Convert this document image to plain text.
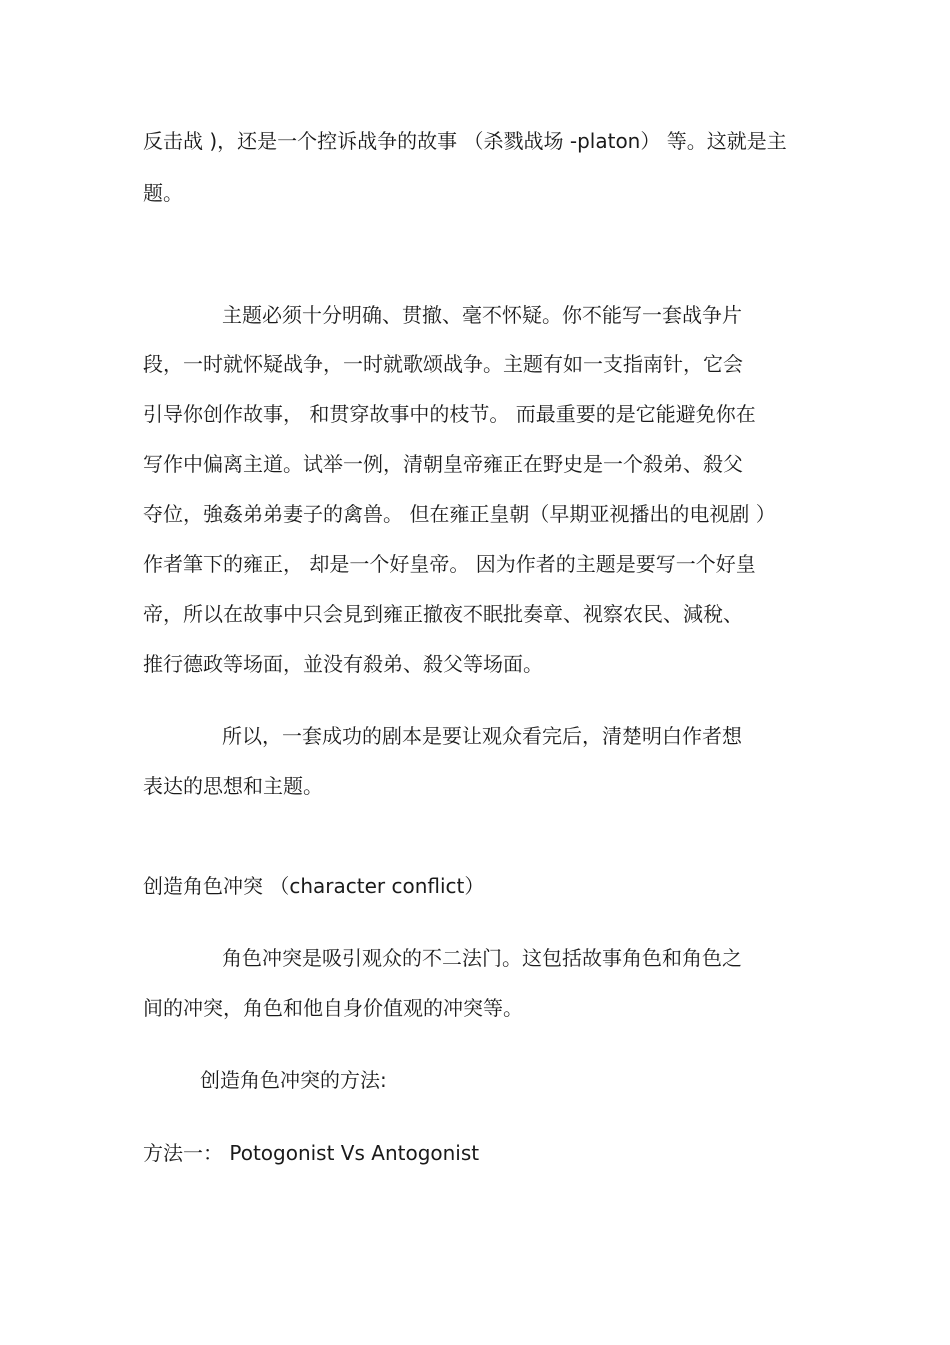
反击战 )，还是一个控诉战争的故事 （杀戮战场 -platon） 等。这就是主
题。
主题必须十分明确、贯撤、毫不怀疑。你不能写一套战争片
段，一时就怀疑战争，一时就歌颂战争。主题有如一支指南针，它会
引导你创作故事， 和贯穿故事中的枝节。 而最重要的是它能避免你在
写作中偏离主道。试举一例，清朝皇帝雍正在野史是一个殺弟、殺父
夺位，強姦弟弟妻子的禽兽。 但在雍正皇朝（早期亚视播出的电视剧 ）
作者筆下的雍正， 却是一个好皇帝。 因为作者的主题是要写一个好皇
帝，所以在故事中只会見到雍正撤夜不眠批奏章、视察农民、減稅、
推行德政等场面，並没有殺弟、殺父等场面。
所以，一套成功的剧本是要让观众看完后，清楚明白作者想
表达的思想和主题。
创造角色冲突 （character conflict）
角色冲突是吸引观众的不二法门。这包括故事角色和角色之
间的冲突，角色和他自身价值观的冲突等。
创造角色冲突的方法:
方法一： Potogonist Vs Antogonist
